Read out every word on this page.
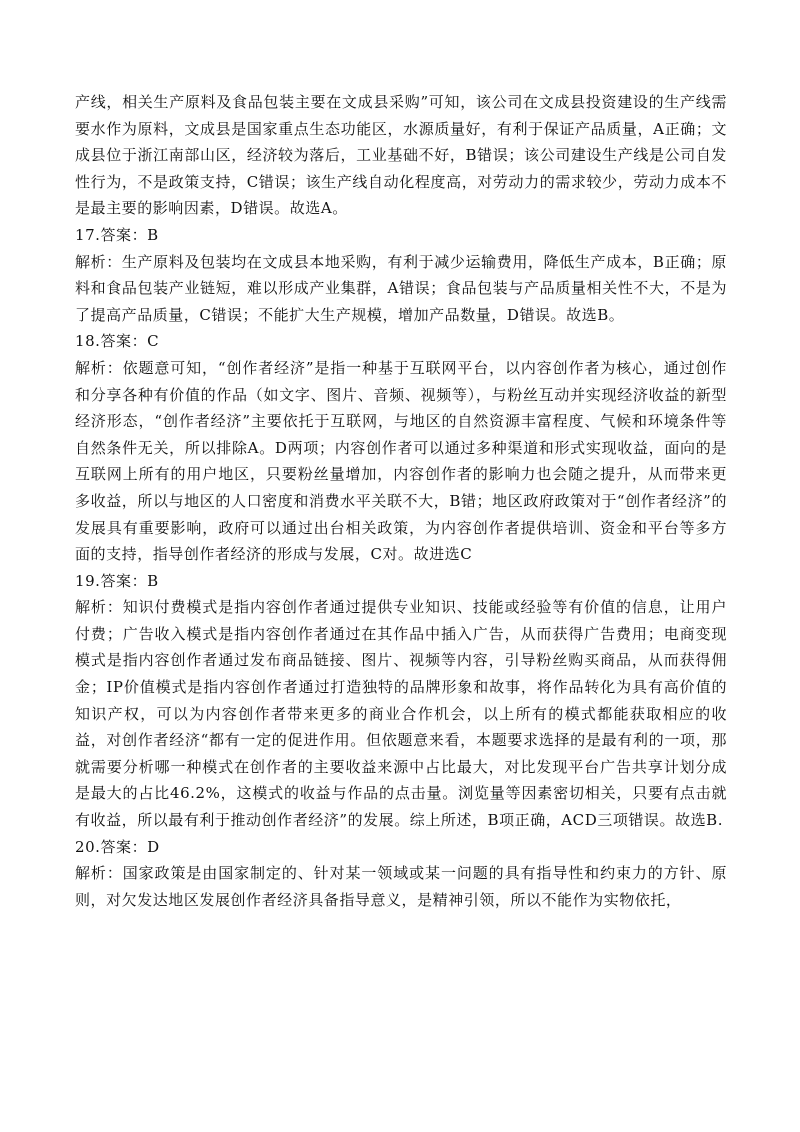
产线，相关生产原料及食品包装主要在文成县采购”可知，该公司在文成县投资建设的生产线需要水作为原料，文成县是国家重点生态功能区，水源质量好，有利于保证产品质量，A正确；文成县位于浙江南部山区，经济较为落后，工业基础不好，B错误；该公司建设生产线是公司自发性行为，不是政策支持，C错误；该生产线自动化程度高，对劳动力的需求较少，劳动力成本不是最主要的影响因素，D错误。故选A。

17.答案：B

解析：生产原料及包装均在文成县本地采购，有利于减少运输费用，降低生产成本，B正确；原料和食品包装产业链短，难以形成产业集群，A错误；食品包装与产品质量相关性不大，不是为了提高产品质量，C错误；不能扩大生产规模，增加产品数量，D错误。故选B。

18.答案：C

解析：依题意可知，“创作者经济”是指一种基于互联网平台，以内容创作者为核心，通过创作和分享各种有价值的作品（如文字、图片、音频、视频等），与粉丝互动并实现经济收益的新型经济形态，“创作者经济”主要依托于互联网，与地区的自然资源丰富程度、气候和环境条件等自然条件无关，所以排除A。D两项；内容创作者可以通过多种渠道和形式实现收益，面向的是互联网上所有的用户地区，只要粉丝量增加，内容创作者的影响力也会随之提升，从而带来更多收益，所以与地区的人口密度和消费水平关联不大，B错；地区政府政策对于“创作者经济”的发展具有重要影响，政府可以通过出台相关政策，为内容创作者提供培训、资金和平台等多方面的支持，指导创作者经济的形成与发展，C对。故进选C

19.答案：B

解析：知识付费模式是指内容创作者通过提供专业知识、技能或经验等有价值的信息，让用户付费；广告收入模式是指内容创作者通过在其作品中插入广告，从而获得广告费用；电商变现模式是指内容创作者通过发布商品链接、图片、视频等内容，引导粉丝购买商品，从而获得佣金；IP价值模式是指内容创作者通过打造独特的品牌形象和故事，将作品转化为具有高价值的知识产权，可以为内容创作者带来更多的商业合作机会，以上所有的模式都能获取相应的收益，对创作者经济“都有一定的促进作用。但依题意来看，本题要求选择的是最有利的一项，那就需要分析哪一种模式在创作者的主要收益来源中占比最大，对比发现平台广告共享计划分成是最大的占比46.2%，这模式的收益与作品的点击量。浏览量等因素密切相关，只要有点击就有收益，所以最有利于推动创作者经济”的发展。综上所述，B项正确，ACD三项错误。故选B.

20.答案：D

解析：国家政策是由国家制定的、针对某一领域或某一问题的具有指导性和约束力的方针、原则，对欠发达地区发展创作者经济具备指导意义，是精神引领，所以不能作为实物依托，
